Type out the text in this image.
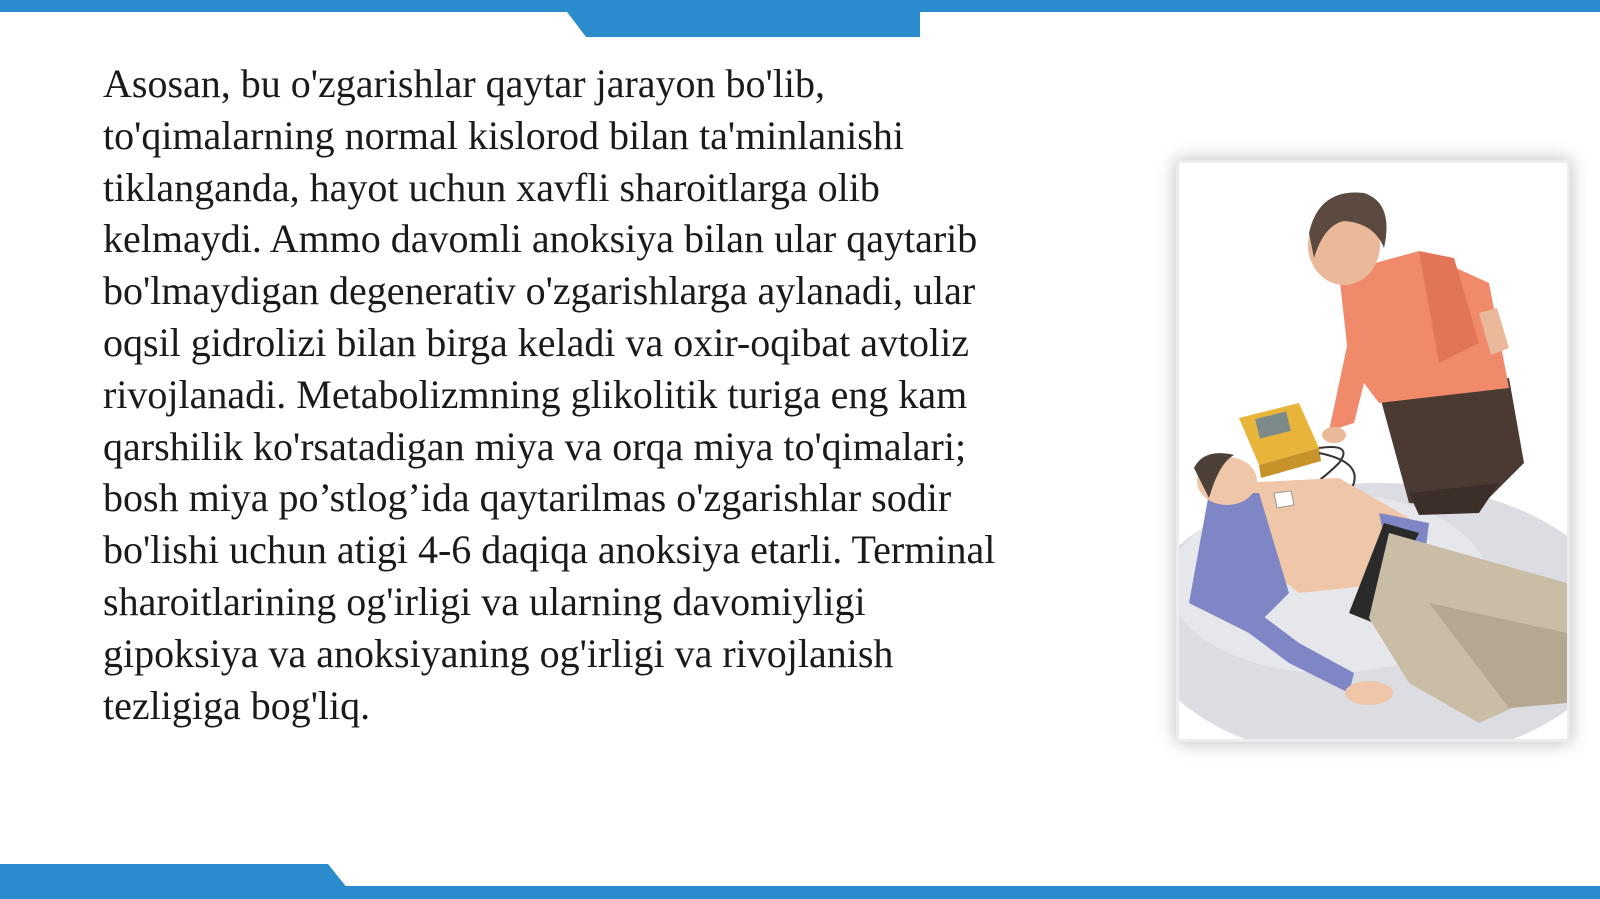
Asosan, bu o'zgarishlar qaytar jarayon bo'lib,
to'qimalarning normal kislorod bilan ta'minlanishi
tiklanganda, hayot uchun xavfli sharoitlarga olib
kelmaydi. Ammo davomli anoksiya bilan ular qaytarib
bo'lmaydigan degenerativ o'zgarishlarga aylanadi, ular
oqsil gidrolizi bilan birga keladi va oxir-oqibat avtoliz
rivojlanadi. Metabolizmning glikolitik turiga eng kam
qarshilik ko'rsatadigan miya va orqa miya to'qimalari;
bosh miya po’stlog’ida qaytarilmas o'zgarishlar sodir
bo'lishi uchun atigi 4-6 daqiqa anoksiya etarli. Terminal
sharoitlarining og'irligi va ularning davomiyligi
gipoksiya va anoksiyaning og'irligi va rivojlanish
tezligiga bog'liq.
